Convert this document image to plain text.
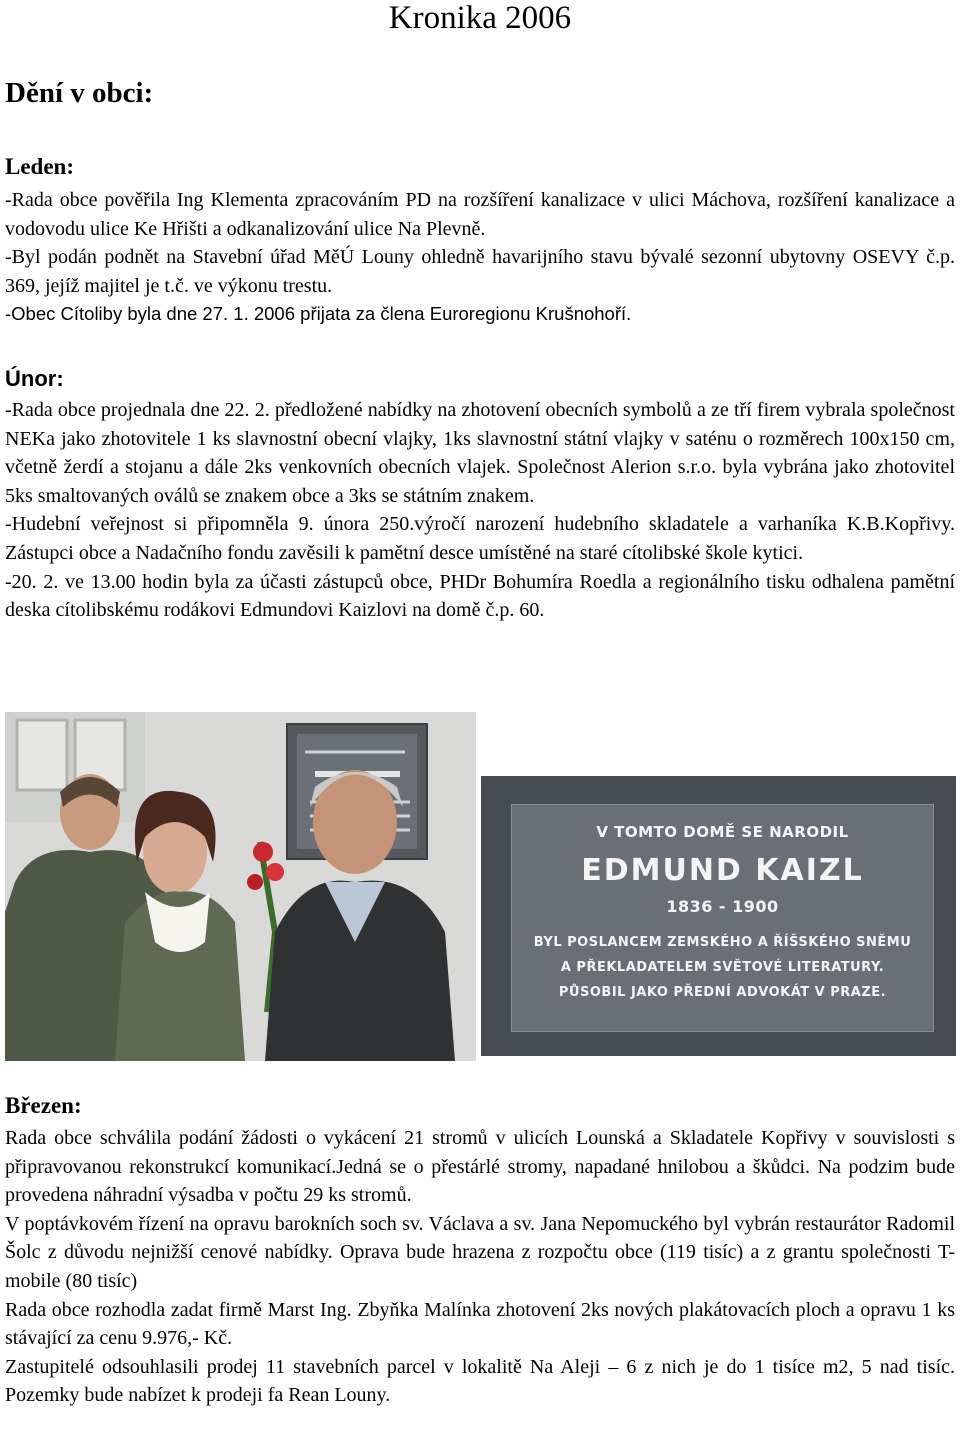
Kronika 2006
Dění v obci:
Leden:

-Rada obce pověřila Ing Klementa zpracováním PD na rozšíření kanalizace v ulici Máchova, rozšíření kanalizace a vodovodu ulice Ke Hřišti a odkanalizování ulice Na Plevně.

-Byl podán podnět na Stavební úřad MěÚ Louny ohledně havarijního stavu bývalé sezonní ubytovny OSEVY č.p. 369, jejíž majitel je t.č. ve výkonu trestu.

-Obec Cítoliby byla dne 27. 1. 2006 přijata za člena Euroregionu Krušnohoří.

Únor:

-Rada obce projednala dne 22. 2. předložené nabídky na zhotovení obecních symbolů a ze tří firem vybrala společnost NEKa jako zhotovitele 1 ks slavnostní obecní vlajky, 1ks slavnostní státní vlajky v saténu o rozměrech 100x150 cm, včetně žerdí a stojanu a dále 2ks venkovních obecních vlajek. Společnost Alerion s.r.o. byla vybrána jako zhotovitel 5ks smaltovaných oválů se znakem obce a 3ks se státním znakem.

-Hudební veřejnost si připomněla 9. února 250.výročí narození hudebního skladatele a varhaníka K.B.Kopřivy. Zástupci obce a Nadačního fondu zavěsili k pamětní desce umístěné na staré cítolibské škole kytici.

-20. 2. ve 13.00 hodin byla za účasti zástupců obce, PHDr Bohumíra Roedla a regionálního tisku odhalena pamětní deska cítolibskému rodákovi Edmundovi Kaizlovi na domě č.p. 60.

V TOMTO DOMĚ SE NARODIL
EDMUND KAIZL
1836 - 1900
BYL POSLANCEM ZEMSKÉHO A ŘÍŠSKÉHO SNĚMU
A PŘEKLADATELEM SVĚTOVÉ LITERATURY.
PŮSOBIL JAKO PŘEDNÍ ADVOKÁT V PRAZE.
Březen:

Rada obce schválila podání žádosti o vykácení 21 stromů v ulicích Lounská a Skladatele Kopřivy v souvislosti s připravovanou rekonstrukcí komunikací.Jedná se o přestárlé stromy, napadané hnilobou a škůdci. Na podzim bude provedena náhradní výsadba v počtu 29 ks stromů.

V poptávkovém řízení na opravu barokních soch sv. Václava a sv. Jana Nepomuckého byl vybrán restaurátor Radomil Šolc z důvodu nejnižší cenové nabídky. Oprava bude hrazena z rozpočtu obce (119 tisíc) a z grantu společnosti T-mobile (80 tisíc)

Rada obce rozhodla zadat firmě Marst Ing. Zbyňka Malínka zhotovení 2ks nových plakátovacích ploch a opravu 1 ks stávající za cenu 9.976,- Kč.

Zastupitelé odsouhlasili prodej 11 stavebních parcel v lokalitě Na Aleji – 6 z nich je do 1 tisíce m2, 5 nad tisíc. Pozemky bude nabízet k prodeji fa Rean Louny.
